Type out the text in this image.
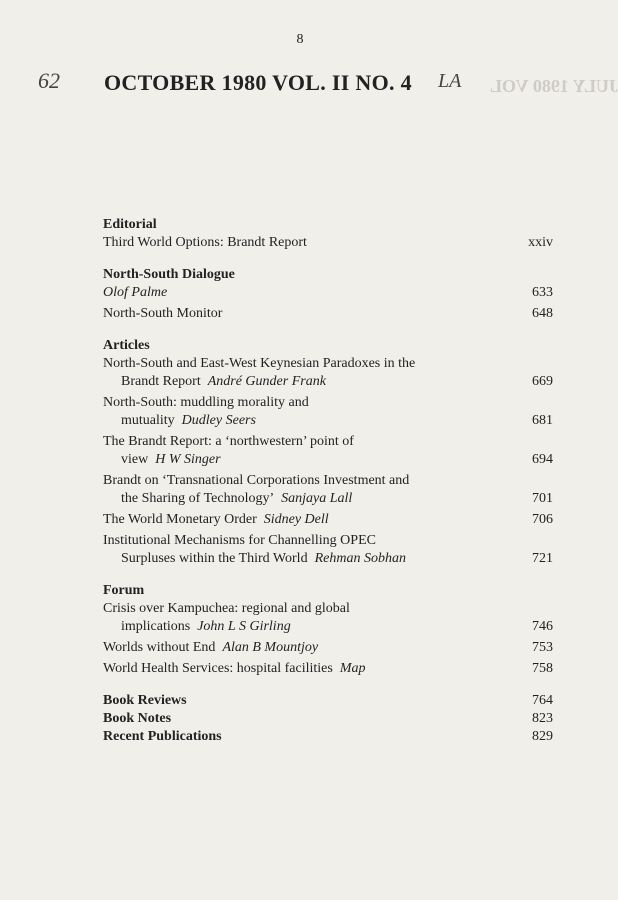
8
62 OCTOBER 1980 VOL. II NO. 4 LA JULY 1980 VOL
Editorial
Third World Options: Brandt Report	xxiv
North-South Dialogue
Olof Palme	633
North-South Monitor	648
Articles
North-South and East-West Keynesian Paradoxes in the
Brandt Report André Gunder Frank	669
North-South: muddling morality and
mutuality Dudley Seers	681
The Brandt Report: a ‘northwestern’ point of
view H W Singer	694
Brandt on ‘Transnational Corporations Investment and
the Sharing of Technology’ Sanjaya Lall	701
The World Monetary Order Sidney Dell	706
Institutional Mechanisms for Channelling OPEC
Surpluses within the Third World Rehman Sobhan	721
Forum
Crisis over Kampuchea: regional and global
implications John L S Girling	746
Worlds without End Alan B Mountjoy	753
World Health Services: hospital facilities Map	758
Book Reviews	764
Book Notes	823
Recent Publications	829
